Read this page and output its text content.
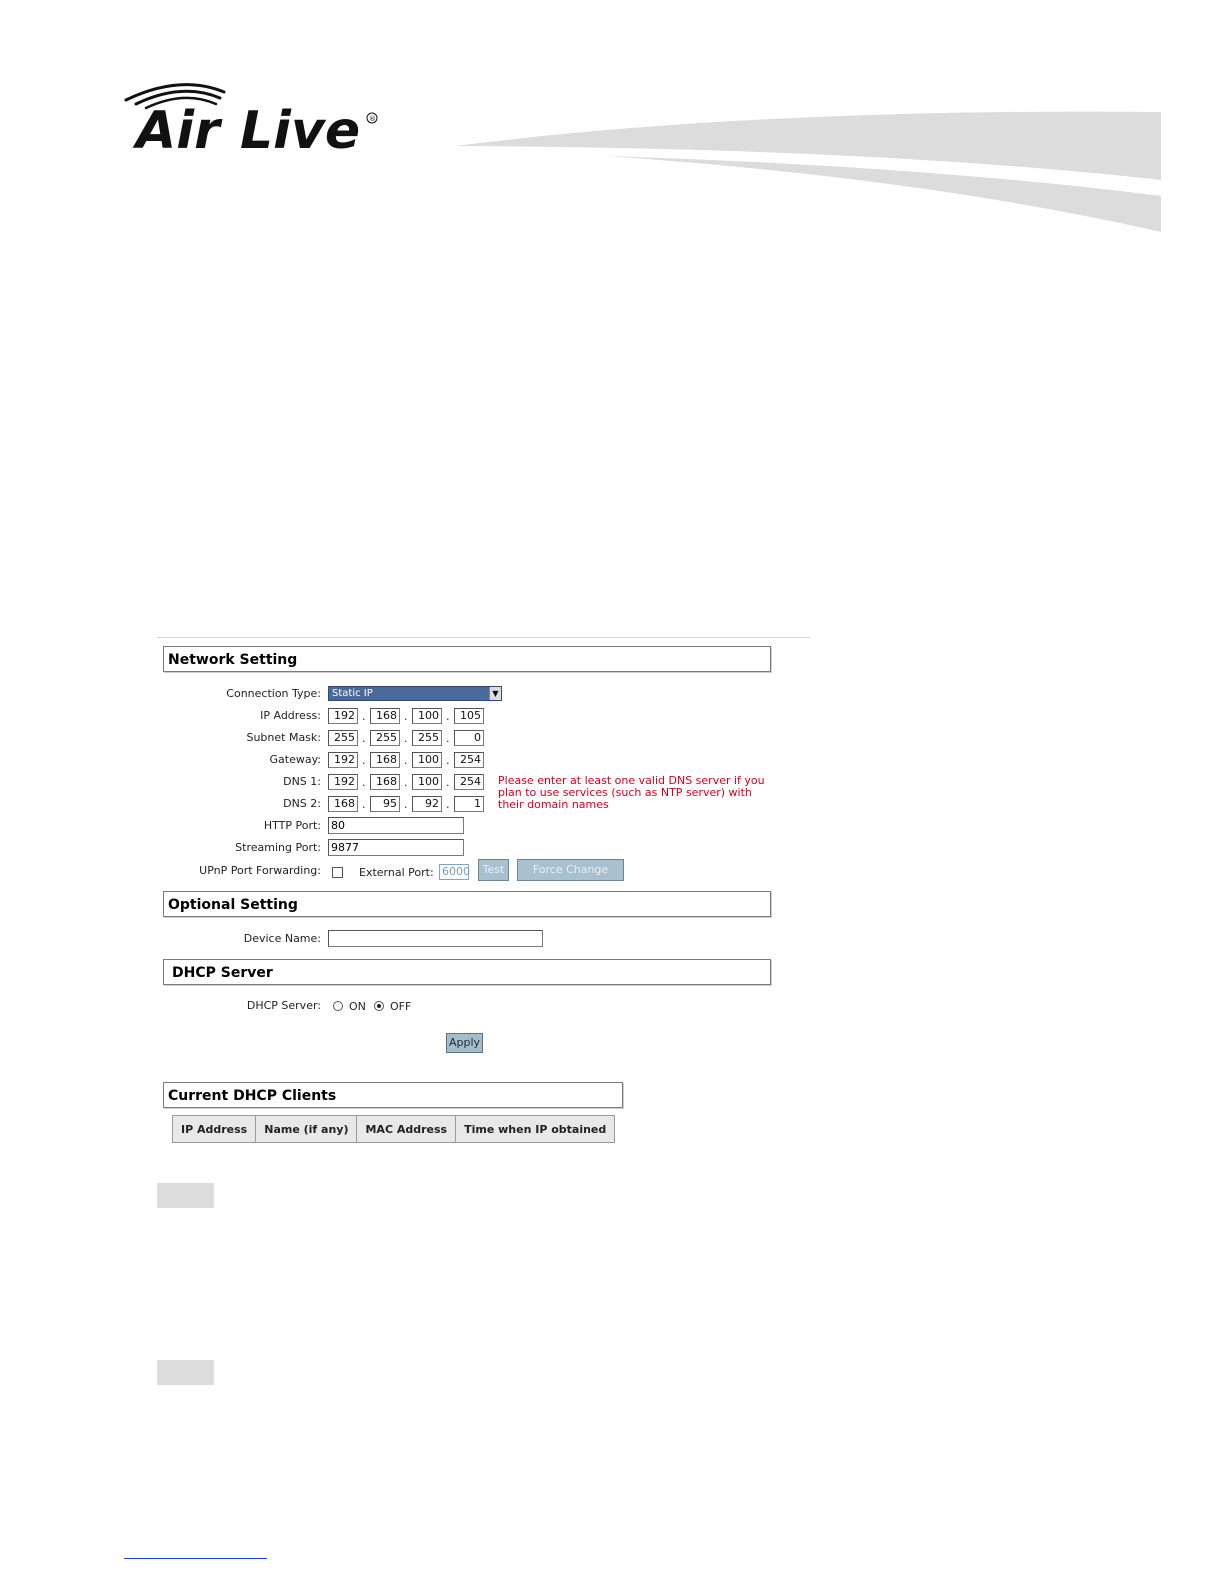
Air Live ®
Network Setting
Connection Type:	Static IP	▼
IP Address:	192 . 168 . 100 . 105
Subnet Mask:	255 . 255 . 255 .	0
Gateway:	192 . 168 . 100 . 254
DNS 1:	192 . 168 . 100 . 254 Please enter at least one valid DNS server if you plan to use services (such as NTP server) with their domain names
DNS 2:	168 .	95 .	92 .	1
HTTP Port: 80
Streaming Port: 9877
UPnP Port Forwarding:	External Port: 6000	Test	Force Change
Optional Setting
Device Name:
DHCP Server
DHCP Server:	ON OFF
Apply
Current DHCP Clients
IP Address	Name (if any)	MAC Address	Time when IP obtained
